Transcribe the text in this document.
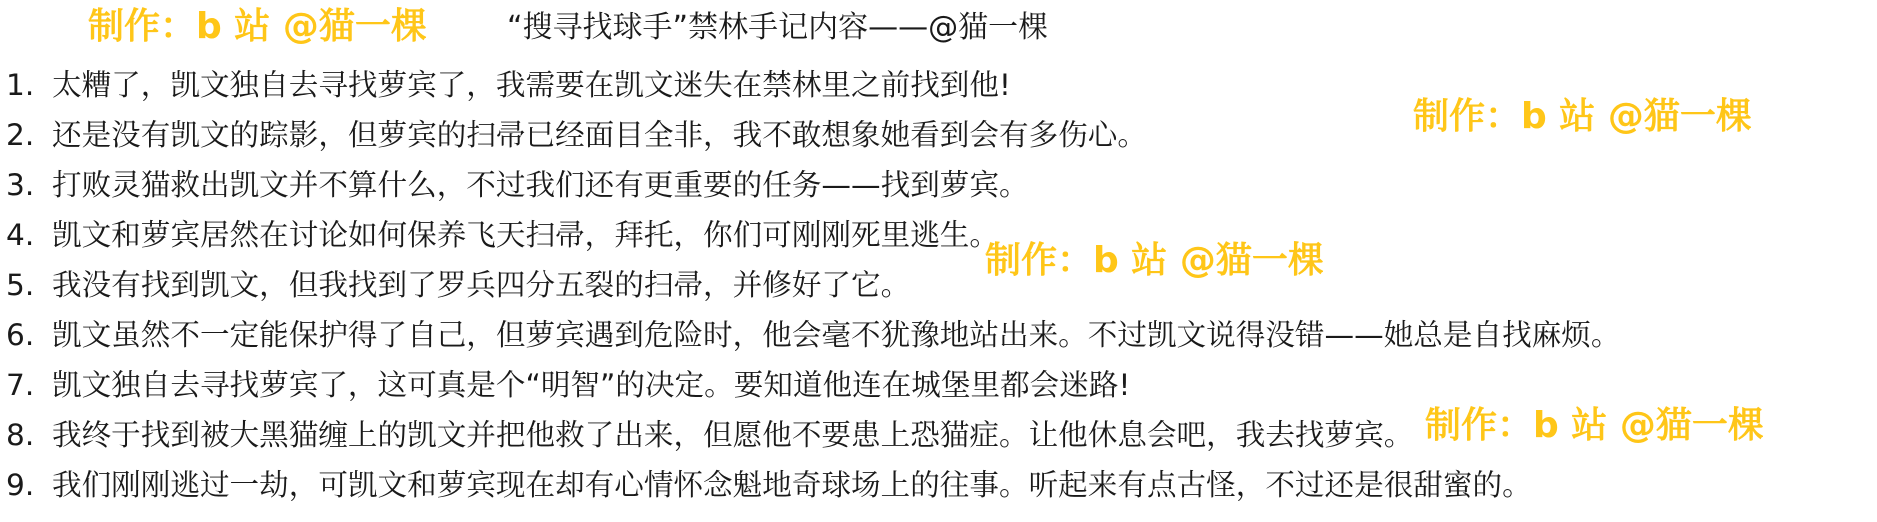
“搜寻找球手”禁林手记内容——@猫一棵
1. 太糟了，凯文独自去寻找萝宾了，我需要在凯文迷失在禁林里之前找到他!
2. 还是没有凯文的踪影，但萝宾的扫帚已经面目全非，我不敢想象她看到会有多伤心。
3. 打败灵猫救出凯文并不算什么，不过我们还有更重要的任务——找到萝宾。
4. 凯文和萝宾居然在讨论如何保养飞天扫帚，拜托，你们可刚刚死里逃生。
5. 我没有找到凯文，但我找到了罗兵四分五裂的扫帚，并修好了它。
6. 凯文虽然不一定能保护得了自己，但萝宾遇到危险时，他会毫不犹豫地站出来。不过凯文说得没错——她总是自找麻烦。
7. 凯文独自去寻找萝宾了，这可真是个“明智”的决定。要知道他连在城堡里都会迷路!
8. 我终于找到被大黑猫缠上的凯文并把他救了出来，但愿他不要患上恐猫症。让他休息会吧，我去找萝宾。
9. 我们刚刚逃过一劫，可凯文和萝宾现在却有心情怀念魁地奇球场上的往事。听起来有点古怪，不过还是很甜蜜的。
制作：b 站 @猫一棵
制作：b 站 @猫一棵
制作：b 站 @猫一棵
制作：b 站 @猫一棵
